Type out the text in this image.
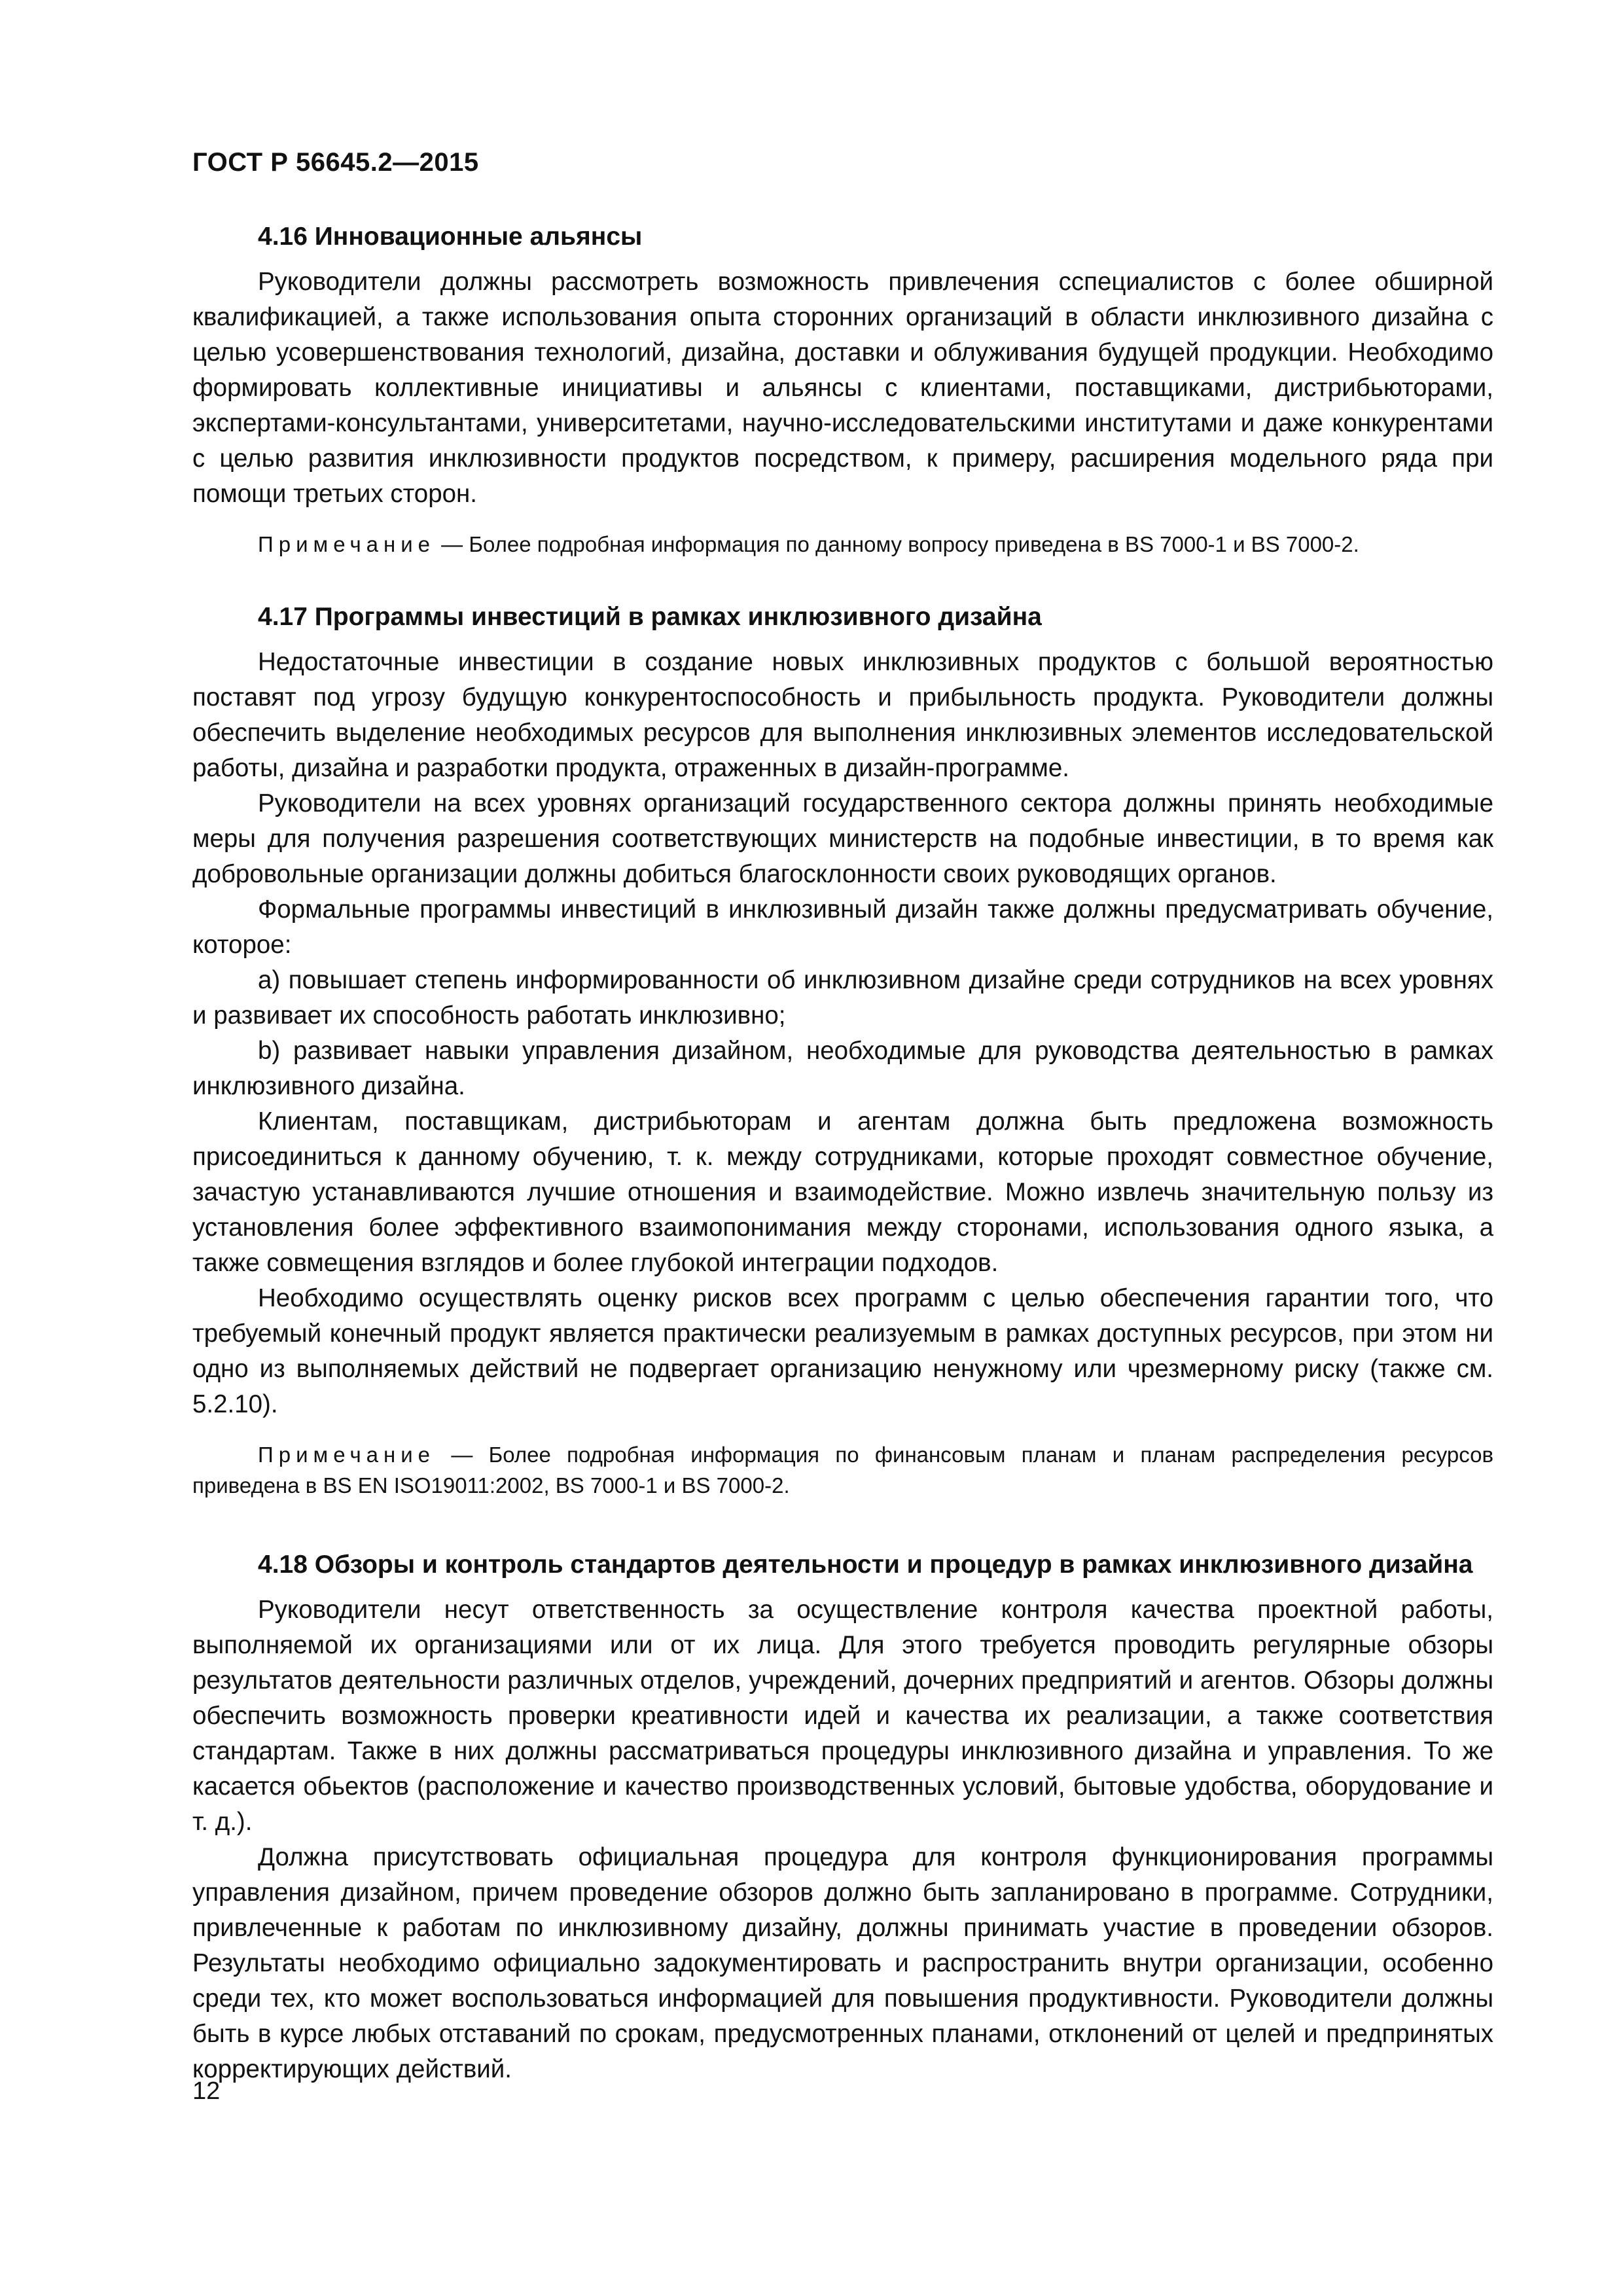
ГОСТ Р 56645.2—2015
4.16 Инновационные альянсы

Руководители должны рассмотреть возможность привлечения сспециалистов с более обширной квалификацией, а также использования опыта сторонних организаций в области инклюзивного дизайна с целью усовершенствования технологий, дизайна, доставки и облуживания будущей продукции. Необходимо формировать коллективные инициативы и альянсы с клиентами, поставщиками, дистрибьюторами, экспертами-консультантами, университетами, научно-исследовательскими институтами и даже конкурентами с целью развития инклюзивности продуктов посредством, к примеру, расширения модельного ряда при помощи третьих сторон.

Примечание — Более подробная информация по данному вопросу приведена в BS 7000-1 и BS 7000-2.

4.17 Программы инвестиций в рамках инклюзивного дизайна

Недостаточные инвестиции в создание новых инклюзивных продуктов с большой вероятностью поставят под угрозу будущую конкурентоспособность и прибыльность продукта. Руководители должны обеспечить выделение необходимых ресурсов для выполнения инклюзивных элементов исследовательской работы, дизайна и разработки продукта, отраженных в дизайн-программе.

Руководители на всех уровнях организаций государственного сектора должны принять необходимые меры для получения разрешения соответствующих министерств на подобные инвестиции, в то время как добровольные организации должны добиться благосклонности своих руководящих органов.

Формальные программы инвестиций в инклюзивный дизайн также должны предусматривать обучение, которое:

а) повышает степень информированности об инклюзивном дизайне среди сотрудников на всех уровнях и развивает их способность работать инклюзивно;

b) развивает навыки управления дизайном, необходимые для руководства деятельностью в рамках инклюзивного дизайна.

Клиентам, поставщикам, дистрибьюторам и агентам должна быть предложена возможность присоединиться к данному обучению, т. к. между сотрудниками, которые проходят совместное обучение, зачастую устанавливаются лучшие отношения и взаимодействие. Можно извлечь значительную пользу из установления более эффективного взаимопонимания между сторонами, использования одного языка, а также совмещения взглядов и более глубокой интеграции подходов.

Необходимо осуществлять оценку рисков всех программ с целью обеспечения гарантии того, что требуемый конечный продукт является практически реализуемым в рамках доступных ресурсов, при этом ни одно из выполняемых действий не подвергает организацию ненужному или чрезмерному риску (также см. 5.2.10).

Примечание — Более подробная информация по финансовым планам и планам распределения ресурсов приведена в BS EN ISO19011:2002, BS 7000-1 и BS 7000-2.

4.18 Обзоры и контроль стандартов деятельности и процедур в рамках инклюзивного дизайна

Руководители несут ответственность за осуществление контроля качества проектной работы, выполняемой их организациями или от их лица. Для этого требуется проводить регулярные обзоры результатов деятельности различных отделов, учреждений, дочерних предприятий и агентов. Обзоры должны обеспечить возможность проверки креативности идей и качества их реализации, а также соответствия стандартам. Также в них должны рассматриваться процедуры инклюзивного дизайна и управления. То же касается обьектов (расположение и качество производственных условий, бытовые удобства, оборудование и т. д.).

Должна присутствовать официальная процедура для контроля функционирования программы управления дизайном, причем проведение обзоров должно быть запланировано в программе. Сотрудники, привлеченные к работам по инклюзивному дизайну, должны принимать участие в проведении обзоров. Результаты необходимо официально задокументировать и распространить внутри организации, особенно среди тех, кто может воспользоваться информацией для повышения продуктивности. Руководители должны быть в курсе любых отставаний по срокам, предусмотренных планами, отклонений от целей и предпринятых корректирующих действий.

12
